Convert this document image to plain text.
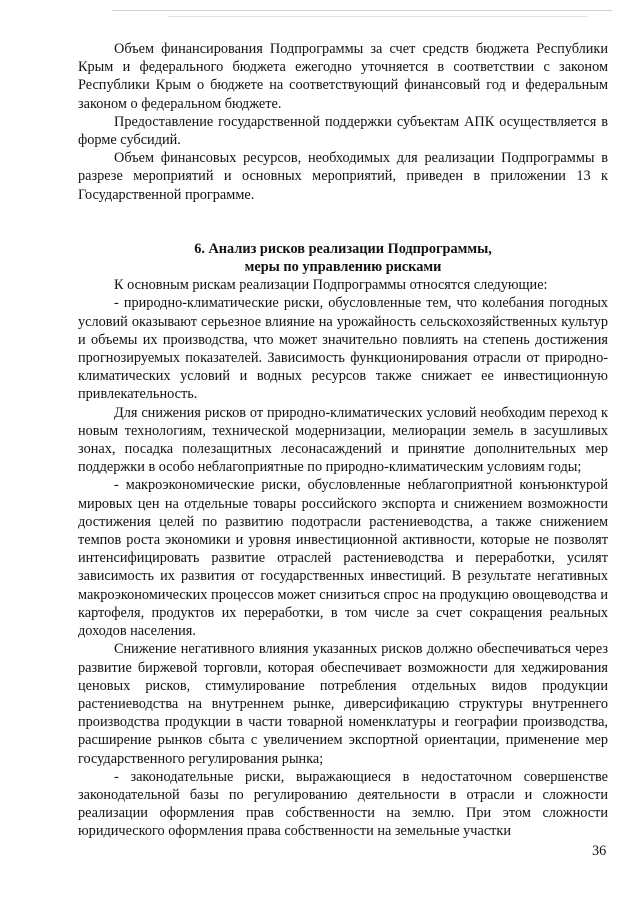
Объем финансирования Подпрограммы за счет средств бюджета Республики Крым и федерального бюджета ежегодно уточняется в соответствии с законом Республики Крым о бюджете на соответствующий финансовый год и федеральным законом о федеральном бюджете.

Предоставление государственной поддержки субъектам АПК осуществляется в форме субсидий.

Объем финансовых ресурсов, необходимых для реализации Подпрограммы в разрезе мероприятий и основных мероприятий, приведен в приложении 13 к Государственной программе.

6. Анализ рисков реализации Подпрограммы,
меры по управлению рисками

К основным рискам реализации Подпрограммы относятся следующие:

- природно-климатические риски, обусловленные тем, что колебания погодных условий оказывают серьезное влияние на урожайность сельскохозяйственных культур и объемы их производства, что может значительно повлиять на степень достижения прогнозируемых показателей. Зависимость функционирования отрасли от природно-климатических условий и водных ресурсов также снижает ее инвестиционную привлекательность.

Для снижения рисков от природно-климатических условий необходим переход к новым технологиям, технической модернизации, мелиорации земель в засушливых зонах, посадка полезащитных лесонасаждений и принятие дополнительных мер поддержки в особо неблагоприятные по природно-климатическим условиям годы;

- макроэкономические риски, обусловленные неблагоприятной конъюнктурой мировых цен на отдельные товары российского экспорта и снижением возможности достижения целей по развитию подотрасли растениеводства, а также снижением темпов роста экономики и уровня инвестиционной активности, которые не позволят интенсифицировать развитие отраслей растениеводства и переработки, усилят зависимость их развития от государственных инвестиций. В результате негативных макроэкономических процессов может снизиться спрос на продукцию овощеводства и картофеля, продуктов их переработки, в том числе за счет сокращения реальных доходов населения.

Снижение негативного влияния указанных рисков должно обеспечиваться через развитие биржевой торговли, которая обеспечивает возможности для хеджирования ценовых рисков, стимулирование потребления отдельных видов продукции растениеводства на внутреннем рынке, диверсификацию структуры внутреннего производства продукции в части товарной номенклатуры и географии производства, расширение рынков сбыта с увеличением экспортной ориентации, применение мер государственного регулирования рынка;

- законодательные риски, выражающиеся в недостаточном совершенстве законодательной базы по регулированию деятельности в отрасли и сложности реализации оформления прав собственности на землю. При этом сложности юридического оформления права собственности на земельные участки

36
